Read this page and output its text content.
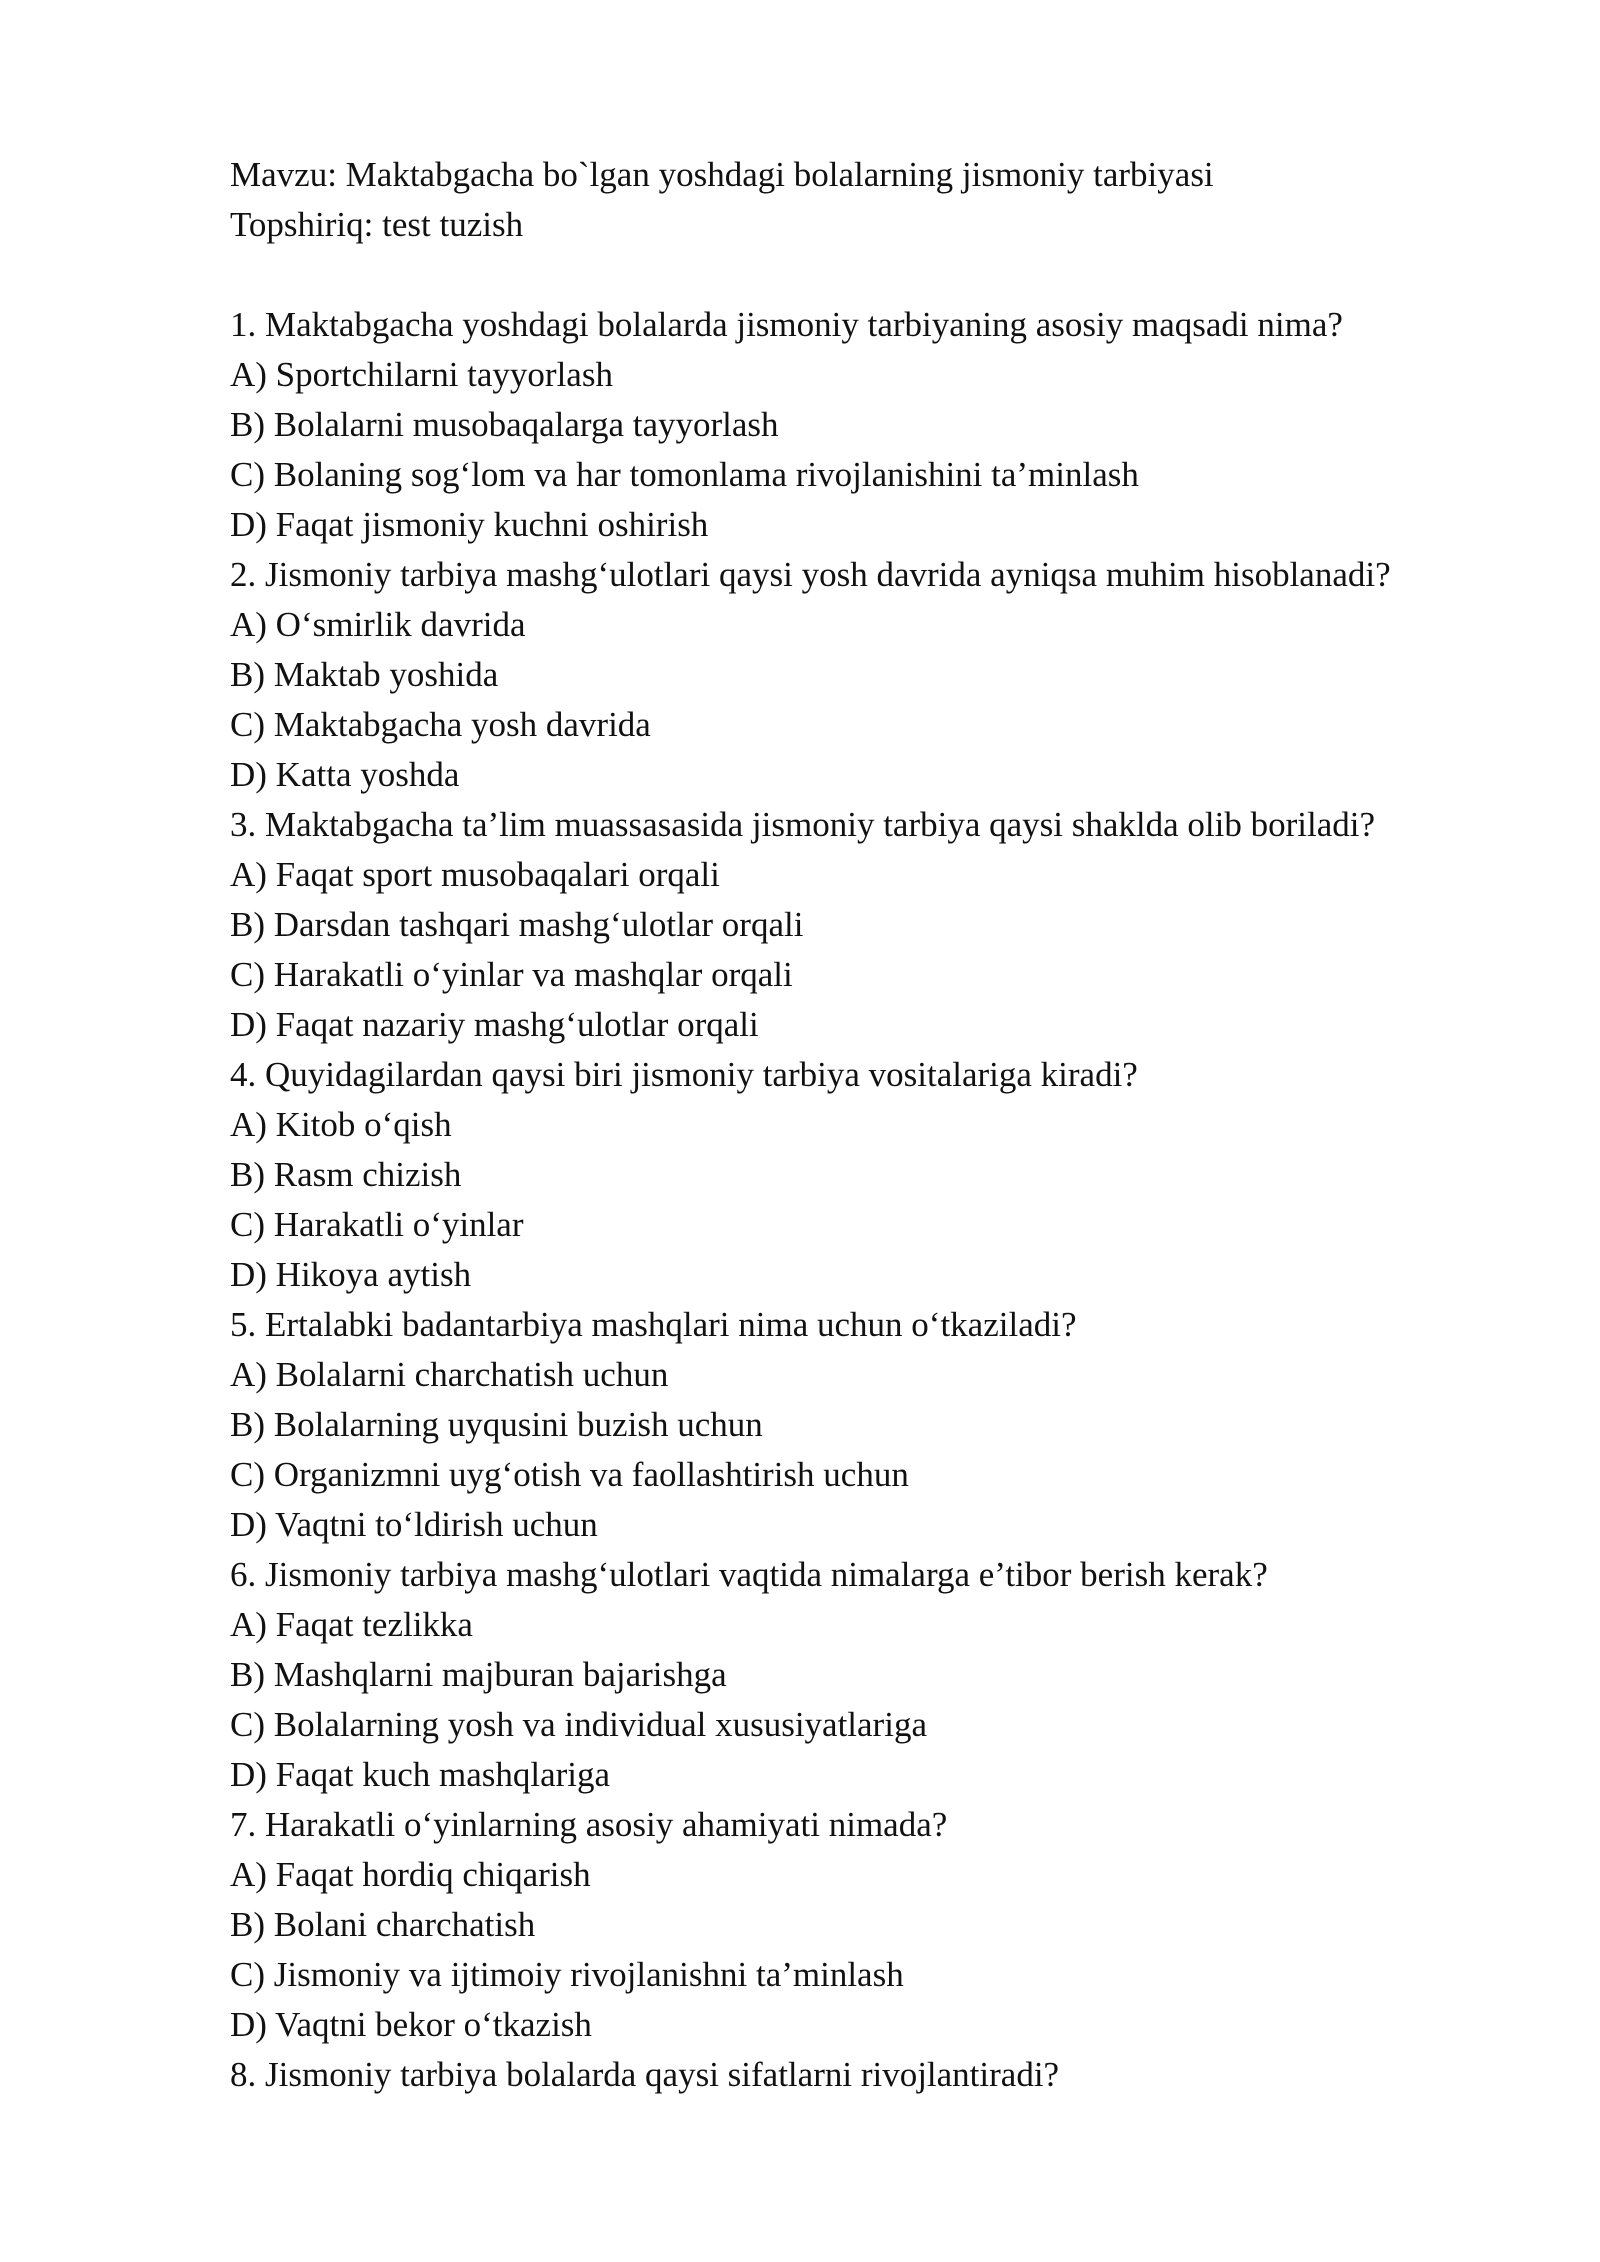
Mavzu: Maktabgacha bo`lgan yoshdagi bolalarning jismoniy tarbiyasi

Topshiriq: test tuzish

1. Maktabgacha yoshdagi bolalarda jismoniy tarbiyaning asosiy maqsadi nima?

A) Sportchilarni tayyorlash

B) Bolalarni musobaqalarga tayyorlash

C) Bolaning sog‘lom va har tomonlama rivojlanishini ta’minlash

D) Faqat jismoniy kuchni oshirish

2. Jismoniy tarbiya mashg‘ulotlari qaysi yosh davrida ayniqsa muhim hisoblanadi?

A) O‘smirlik davrida

B) Maktab yoshida

C) Maktabgacha yosh davrida

D) Katta yoshda

3. Maktabgacha ta’lim muassasasida jismoniy tarbiya qaysi shaklda olib boriladi?

A) Faqat sport musobaqalari orqali

B) Darsdan tashqari mashg‘ulotlar orqali

C) Harakatli o‘yinlar va mashqlar orqali

D) Faqat nazariy mashg‘ulotlar orqali

4. Quyidagilardan qaysi biri jismoniy tarbiya vositalariga kiradi?

A) Kitob o‘qish

B) Rasm chizish

C) Harakatli o‘yinlar

D) Hikoya aytish

5. Ertalabki badantarbiya mashqlari nima uchun o‘tkaziladi?

A) Bolalarni charchatish uchun

B) Bolalarning uyqusini buzish uchun

C) Organizmni uyg‘otish va faollashtirish uchun

D) Vaqtni to‘ldirish uchun

6. Jismoniy tarbiya mashg‘ulotlari vaqtida nimalarga e’tibor berish kerak?

A) Faqat tezlikka

B) Mashqlarni majburan bajarishga

C) Bolalarning yosh va individual xususiyatlariga

D) Faqat kuch mashqlariga

7. Harakatli o‘yinlarning asosiy ahamiyati nimada?

A) Faqat hordiq chiqarish

B) Bolani charchatish

C) Jismoniy va ijtimoiy rivojlanishni ta’minlash

D) Vaqtni bekor o‘tkazish

8. Jismoniy tarbiya bolalarda qaysi sifatlarni rivojlantiradi?
